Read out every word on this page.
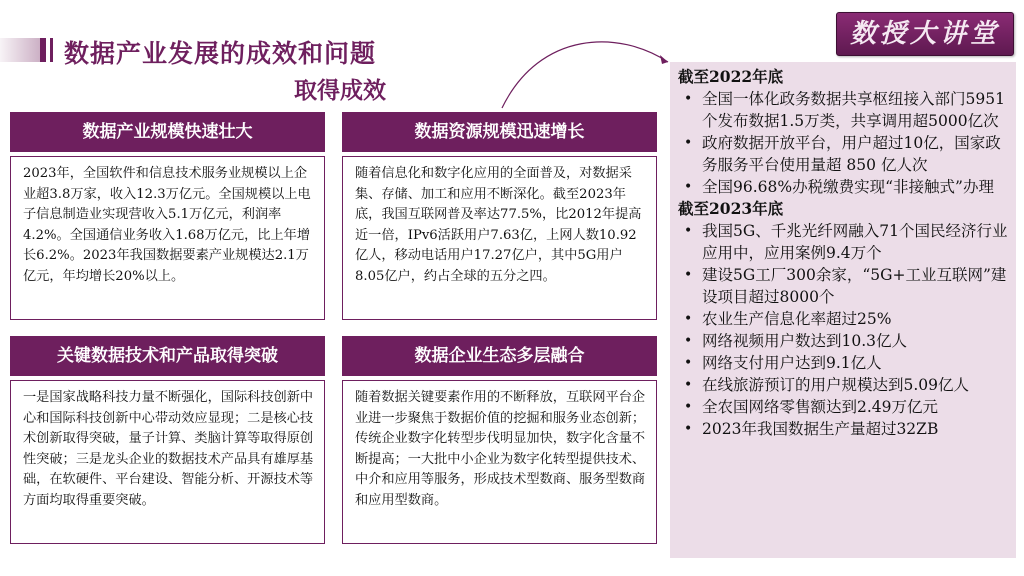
数据产业发展的成效和问题
取得成效
数授大讲堂
数据产业规模快速壮大
2023年，全国软件和信息技术服务业规模以上企业超3.8万家，收入12.3万亿元。全国规模以上电子信息制造业实现营收入5.1万亿元，利润率4.2%。全国通信业务收入1.68万亿元，比上年增长6.2%。2023年我国数据要素产业规模达2.1万亿元，年均增长20%以上。
数据资源规模迅速增长
随着信息化和数字化应用的全面普及，对数据采集、存储、加工和应用不断深化。截至2023年底，我国互联网普及率达77.5%，比2012年提高近一倍，IPv6活跃用户7.63亿，上网人数10.92亿人，移动电话用户17.27亿户，其中5G用户8.05亿户，约占全球的五分之四。
关键数据技术和产品取得突破
一是国家战略科技力量不断强化，国际科技创新中心和国际科技创新中心带动效应显现；二是核心技术创新取得突破，量子计算、类脑计算等取得原创性突破；三是龙头企业的数据技术产品具有雄厚基础，在软硬件、平台建设、智能分析、开源技术等方面均取得重要突破。
数据企业生态多层融合
随着数据关键要素作用的不断释放，互联网平台企业进一步聚焦于数据价值的挖掘和服务业态创新；传统企业数字化转型步伐明显加快，数字化含量不断提高；一大批中小企业为数字化转型提供技术、中介和应用等服务，形成技术型数商、服务型数商和应用型数商。
截至2022年底
• 全国一体化政务数据共享枢纽接入部门5951个发布数据1.5万类，共享调用超5000亿次
• 政府数据开放平台，用户超过10亿，国家政务服务平台使用量超 850 亿人次
• 全国96.68%办税缴费实现“非接触式”办理
截至2023年底
• 我国5G、千兆光纤网融入71个国民经济行业应用中，应用案例9.4万个
• 建设5G工厂300余家，“5G+工业互联网”建设项目超过8000个
• 农业生产信息化率超过25%
• 网络视频用户数达到10.3亿人
• 网络支付用户达到9.1亿人
• 在线旅游预订的用户规模达到5.09亿人
• 全农国网络零售额达到2.49万亿元
• 2023年我国数据生产量超过32ZB
